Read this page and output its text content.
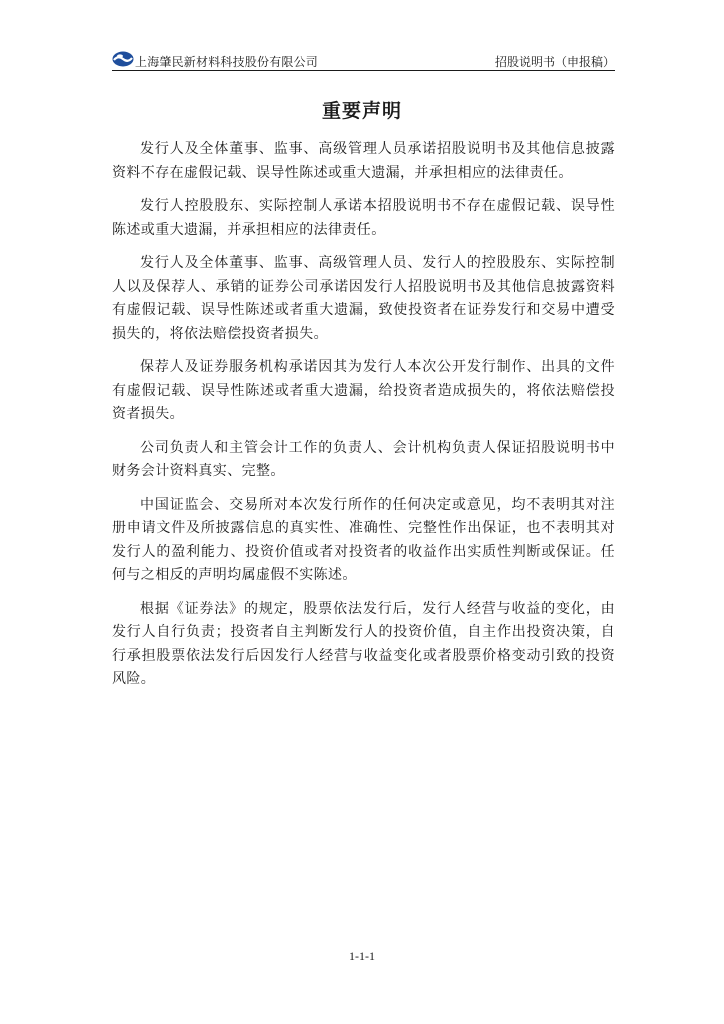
上海肇民新材料科技股份有限公司	招股说明书（申报稿）
重要声明

发行人及全体董事、监事、高级管理人员承诺招股说明书及其他信息披露资料不存在虚假记载、误导性陈述或重大遗漏，并承担相应的法律责任。

发行人控股股东、实际控制人承诺本招股说明书不存在虚假记载、误导性陈述或重大遗漏，并承担相应的法律责任。

发行人及全体董事、监事、高级管理人员、发行人的控股股东、实际控制人以及保荐人、承销的证券公司承诺因发行人招股说明书及其他信息披露资料有虚假记载、误导性陈述或者重大遗漏，致使投资者在证券发行和交易中遭受损失的，将依法赔偿投资者损失。

保荐人及证券服务机构承诺因其为发行人本次公开发行制作、出具的文件有虚假记载、误导性陈述或者重大遗漏，给投资者造成损失的，将依法赔偿投资者损失。

公司负责人和主管会计工作的负责人、会计机构负责人保证招股说明书中财务会计资料真实、完整。

中国证监会、交易所对本次发行所作的任何决定或意见，均不表明其对注册申请文件及所披露信息的真实性、准确性、完整性作出保证，也不表明其对发行人的盈利能力、投资价值或者对投资者的收益作出实质性判断或保证。任何与之相反的声明均属虚假不实陈述。

根据《证券法》的规定，股票依法发行后，发行人经营与收益的变化，由发行人自行负责；投资者自主判断发行人的投资价值，自主作出投资决策，自行承担股票依法发行后因发行人经营与收益变化或者股票价格变动引致的投资风险。

1-1-1
